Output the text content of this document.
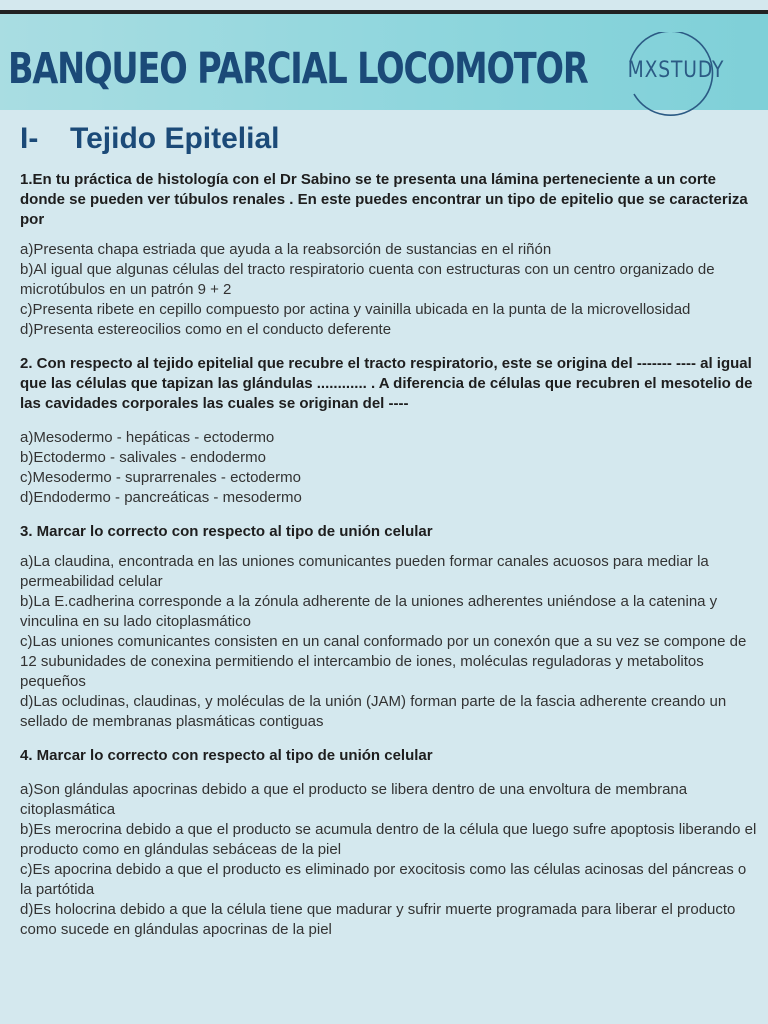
BANQUEO PARCIAL LOCOMOTOR MXSTUDY
I- Tejido Epitelial

1.En tu práctica de histología con el Dr Sabino se te presenta una lámina perteneciente a un corte donde se pueden ver túbulos renales . En este puedes encontrar un tipo de epitelio que se caracteriza por

a)Presenta chapa estriada que ayuda a la reabsorción de sustancias en el riñón

b)Al igual que algunas células del tracto respiratorio cuenta con estructuras con un centro organizado de microtúbulos en un patrón 9 + 2

c)Presenta ribete en cepillo compuesto por actina y vainilla ubicada en la punta de la microvellosidad

d)Presenta estereocilios como en el conducto deferente

2. Con respecto al tejido epitelial que recubre el tracto respiratorio, este se origina del ------- ---- al igual que las células que tapizan las glándulas ............ . A diferencia de células que recubren el mesotelio de las cavidades corporales las cuales se originan del ----

a)Mesodermo - hepáticas - ectodermo

b)Ectodermo - salivales - endodermo

c)Mesodermo - suprarrenales - ectodermo

d)Endodermo - pancreáticas - mesodermo

3. Marcar lo correcto con respecto al tipo de unión celular

a)La claudina, encontrada en las uniones comunicantes pueden formar canales acuosos para mediar la permeabilidad celular

b)La E.cadherina corresponde a la zónula adherente de la uniones adherentes uniéndose a la catenina y vinculina en su lado citoplasmático

c)Las uniones comunicantes consisten en un canal conformado por un conexón que a su vez se compone de 12 subunidades de conexina permitiendo el intercambio de iones, moléculas reguladoras y metabolitos pequeños

d)Las ocludinas, claudinas, y moléculas de la unión (JAM) forman parte de la fascia adherente creando un sellado de membranas plasmáticas contiguas

4. Marcar lo correcto con respecto al tipo de unión celular

a)Son glándulas apocrinas debido a que el producto se libera dentro de una envoltura de membrana citoplasmática

b)Es merocrina debido a que el producto se acumula dentro de la célula que luego sufre apoptosis liberando el producto como en glándulas sebáceas de la piel

c)Es apocrina debido a que el producto es eliminado por exocitosis como las células acinosas del páncreas o la partótida

d)Es holocrina debido a que la célula tiene que madurar y sufrir muerte programada para liberar el producto como sucede en glándulas apocrinas de la piel
